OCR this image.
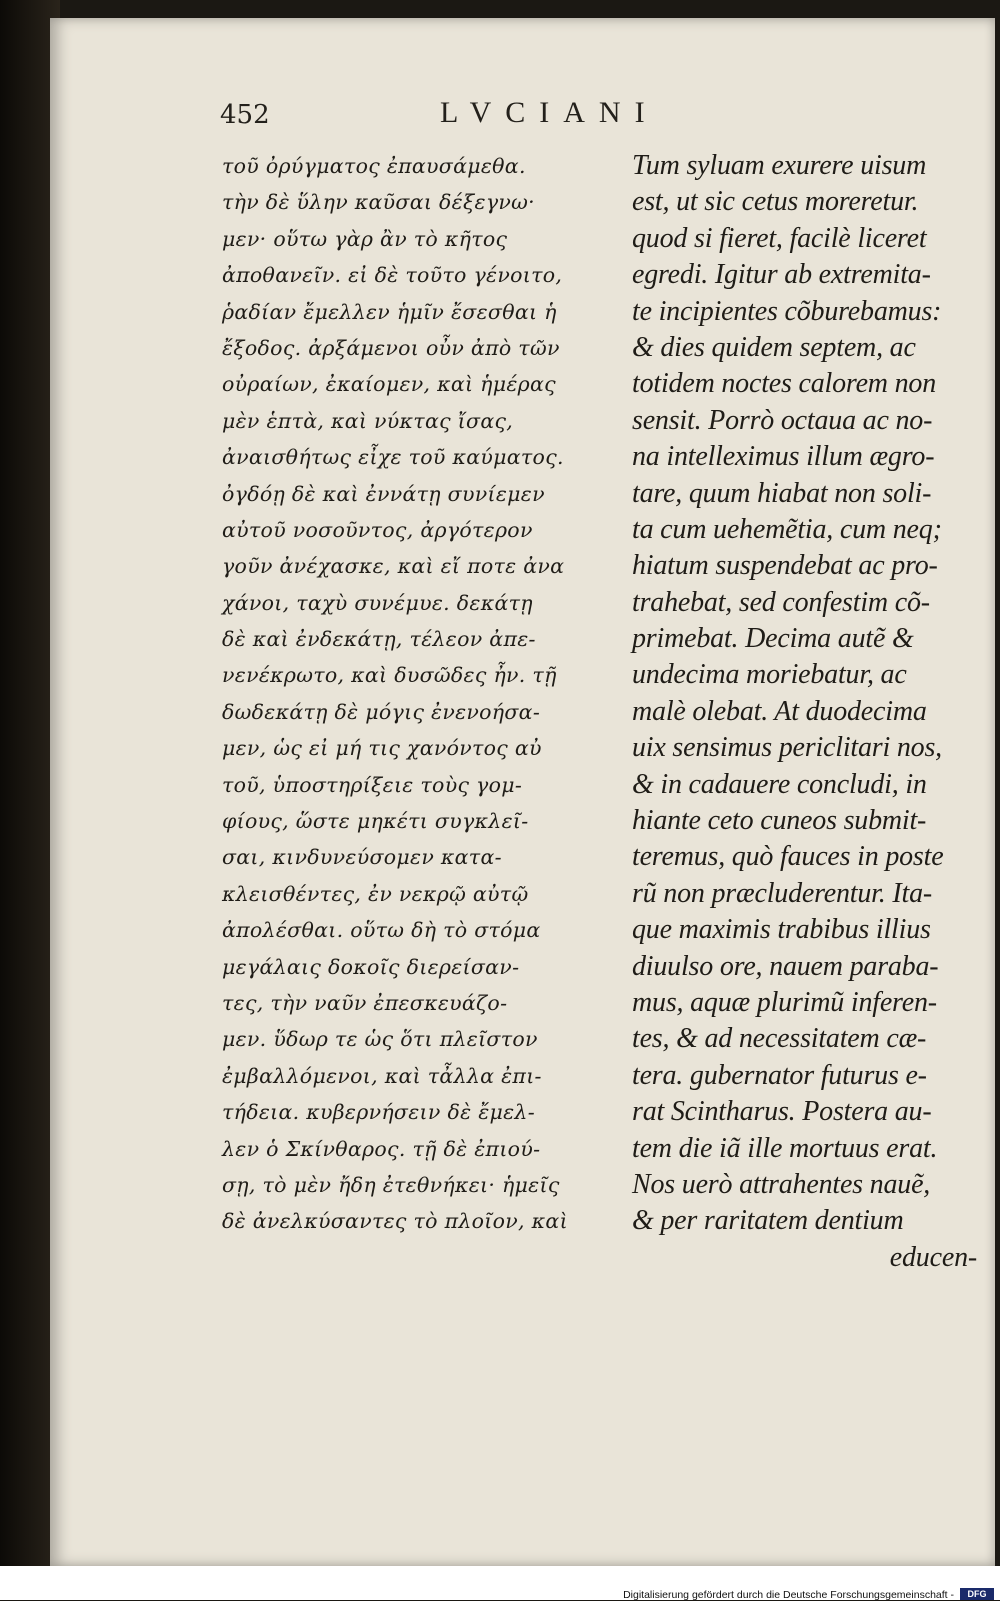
452	LVCIANI
τοῦ ὀρύγματος ἐπαυσάμεθα.
τὴν δὲ ὕλην καῦσαι δέξεγνω·
μεν· οὕτω γὰρ ἂν τὸ κῆτος
ἀποθανεῖν. εἰ δὲ τοῦτο γένοιτο,
ῥαδίαν ἔμελλεν ἡμῖν ἔσεσθαι ἡ
ἔξοδος. ἀρξάμενοι οὖν ἀπὸ τῶν
οὐραίων, ἐκαίομεν, καὶ ἡμέρας
μὲν ἑπτὰ, καὶ νύκτας ἴσας,
ἀναισθήτως εἶχε τοῦ καύματος.
ὀγδόῃ δὲ καὶ ἐννάτῃ συνίεμεν
αὐτοῦ νοσοῦντος, ἀργότερον
γοῦν ἀνέχασκε, καὶ εἴ ποτε ἀνα
χάνοι, ταχὺ συνέμυε. δεκάτῃ
δὲ καὶ ἐνδεκάτῃ, τέλεον ἀπε-
νενέκρωτο, καὶ δυσῶδες ἦν. τῇ
δωδεκάτῃ δὲ μόγις ἐνενοήσα-
μεν, ὡς εἰ μή τις χανόντος αὐ
τοῦ, ὑποστηρίξειε τοὺς γομ-
φίους, ὥστε μηκέτι συγκλεῖ-
σαι, κινδυνεύσομεν κατα-
κλεισθέντες, ἐν νεκρῷ αὐτῷ
ἀπολέσθαι. οὕτω δὴ τὸ στόμα
μεγάλαις δοκοῖς διερείσαν-
τες, τὴν ναῦν ἐπεσκευάζο-
μεν. ὕδωρ τε ὡς ὅτι πλεῖστον
ἐμβαλλόμενοι, καὶ τἆλλα ἐπι-
τήδεια. κυβερνήσειν δὲ ἔμελ-
λεν ὁ Σκίνθαρος. τῇ δὲ ἐπιού-
σῃ, τὸ μὲν ἤδη ἐτεθνήκει· ἡμεῖς
δὲ ἀνελκύσαντες τὸ πλοῖον, καὶ
Tum syluam exurere uisum
est, ut sic cetus moreretur.
quod si fieret, facilè liceret
egredi. Igitur ab extremita-
te incipientes cõburebamus:
& dies quidem septem, ac
totidem noctes calorem non
sensit. Porrò octaua ac no-
na intelleximus illum ægro-
tare, quum hiabat non soli-
ta cum uehemẽtia, cum neq;
hiatum suspendebat ac pro-
trahebat, sed confestim cõ-
primebat. Decima autẽ &
undecima moriebatur, ac
malè olebat. At duodecima
uix sensimus periclitari nos,
& in cadauere concludi, in
hiante ceto cuneos submit-
teremus, quò fauces in poste
rũ non præcluderentur. Ita-
que maximis trabibus illius
diuulso ore, nauem paraba-
mus, aquæ plurimũ inferen-
tes, & ad necessitatem cæ-
tera. gubernator futurus e-
rat Scintharus. Postera au-
tem die iã ille mortuus erat.
Nos uerò attrahentes nauẽ,
& per raritatem dentium
educen-
Digitalisierung gefördert durch die Deutsche Forschungsgemeinschaft -	DFG
